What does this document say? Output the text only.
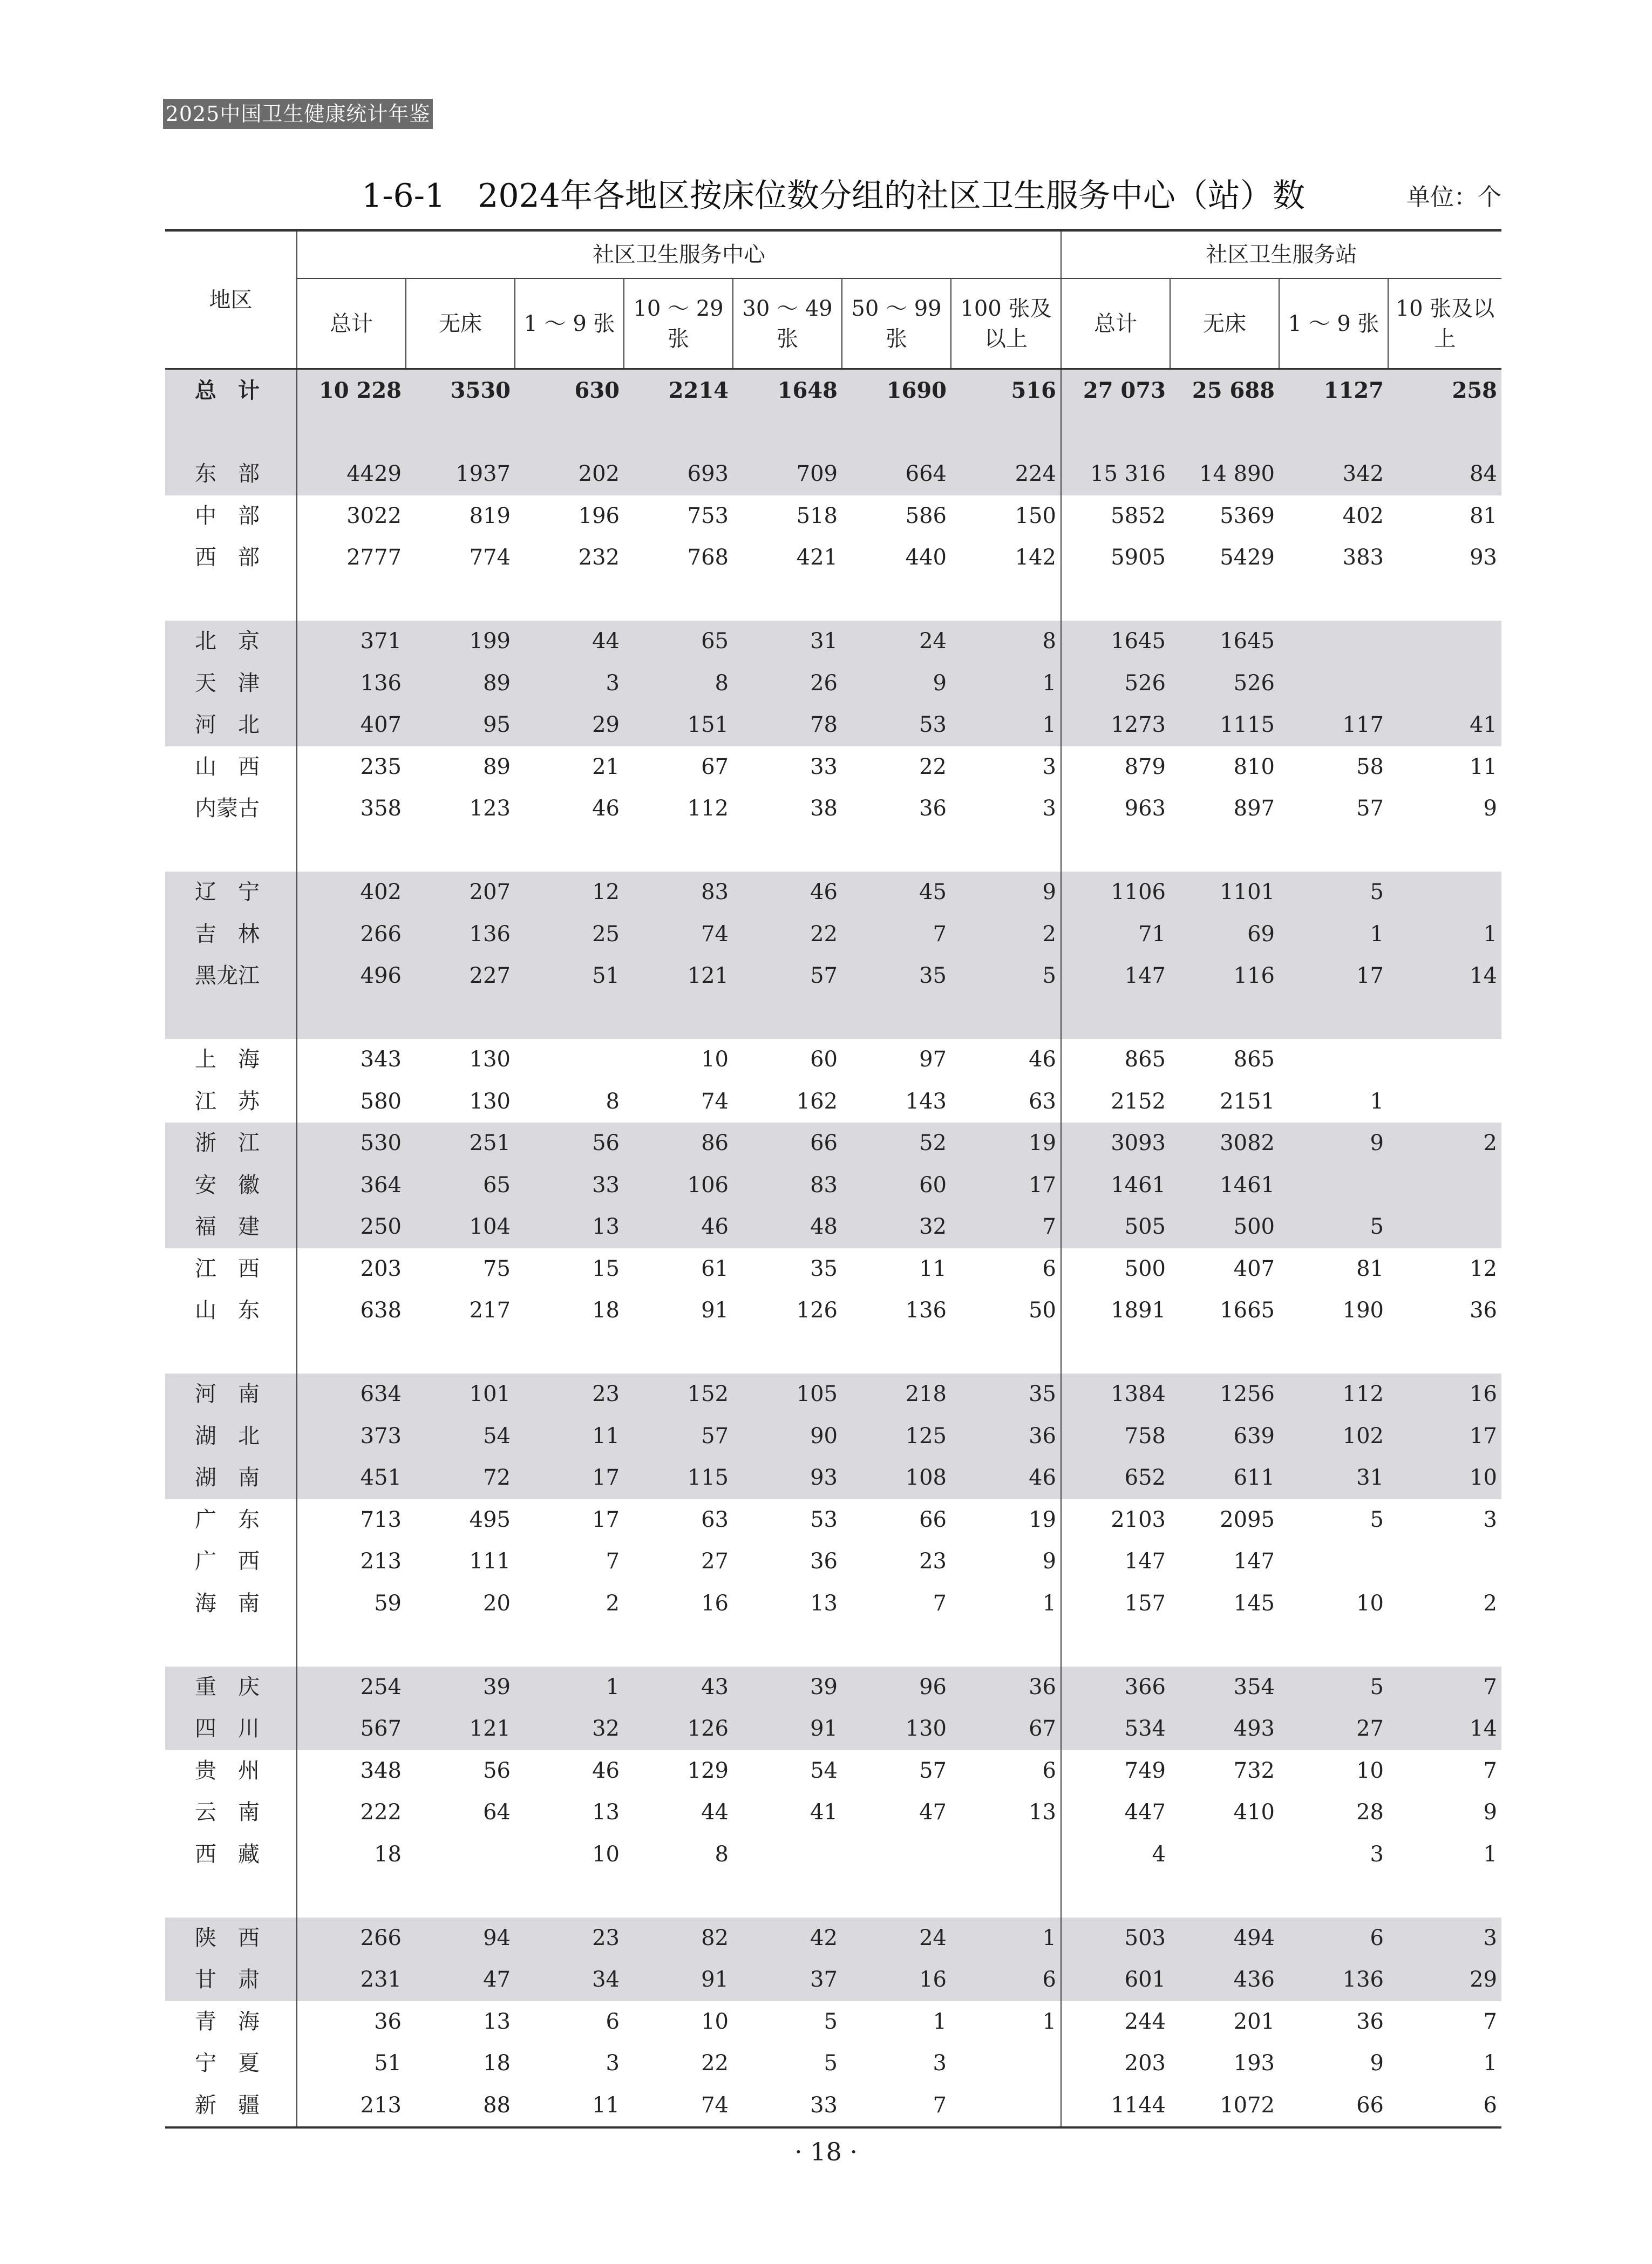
2025中国卫生健康统计年鉴
1-6-1　2024年各地区按床位数分组的社区卫生服务中心（站）数	单位：个
地区	社区卫生服务中心							社区卫生服务站			
	总计	无床	1 ～ 9 张	10 ～ 29 张	30 ～ 49 张	50 ～ 99 张	100 张及以上	总计	无床	1 ～ 9 张	10 张及以上
总　计	10 228	3530	630	2214	1648	1690	516	27 073	25 688	1127	258
东　部	4429	1937	202	693	709	664	224	15 316	14 890	342	84
中　部	3022	819	196	753	518	586	150	5852	5369	402	81
西　部	2777	774	232	768	421	440	142	5905	5429	383	93
北　京	371	199	44	65	31	24	8	1645	1645		
天　津	136	89	3	8	26	9	1	526	526		
河　北	407	95	29	151	78	53	1	1273	1115	117	41
山　西	235	89	21	67	33	22	3	879	810	58	11
内蒙古	358	123	46	112	38	36	3	963	897	57	9
辽　宁	402	207	12	83	46	45	9	1106	1101	5	
吉　林	266	136	25	74	22	7	2	71	69	1	1
黑龙江	496	227	51	121	57	35	5	147	116	17	14
上　海	343	130		10	60	97	46	865	865		
江　苏	580	130	8	74	162	143	63	2152	2151	1	
浙　江	530	251	56	86	66	52	19	3093	3082	9	2
安　徽	364	65	33	106	83	60	17	1461	1461		
福　建	250	104	13	46	48	32	7	505	500	5	
江　西	203	75	15	61	35	11	6	500	407	81	12
山　东	638	217	18	91	126	136	50	1891	1665	190	36
河　南	634	101	23	152	105	218	35	1384	1256	112	16
湖　北	373	54	11	57	90	125	36	758	639	102	17
湖　南	451	72	17	115	93	108	46	652	611	31	10
广　东	713	495	17	63	53	66	19	2103	2095	5	3
广　西	213	111	7	27	36	23	9	147	147		
海　南	59	20	2	16	13	7	1	157	145	10	2
重　庆	254	39	1	43	39	96	36	366	354	5	7
四　川	567	121	32	126	91	130	67	534	493	27	14
贵　州	348	56	46	129	54	57	6	749	732	10	7
云　南	222	64	13	44	41	47	13	447	410	28	9
西　藏	18		10	8				4		3	1
陕　西	266	94	23	82	42	24	1	503	494	6	3
甘　肃	231	47	34	91	37	16	6	601	436	136	29
青　海	36	13	6	10	5	1	1	244	201	36	7
宁　夏	51	18	3	22	5	3		203	193	9	1
新　疆	213	88	11	74	33	7		1144	1072	66	6
· 18 ·
